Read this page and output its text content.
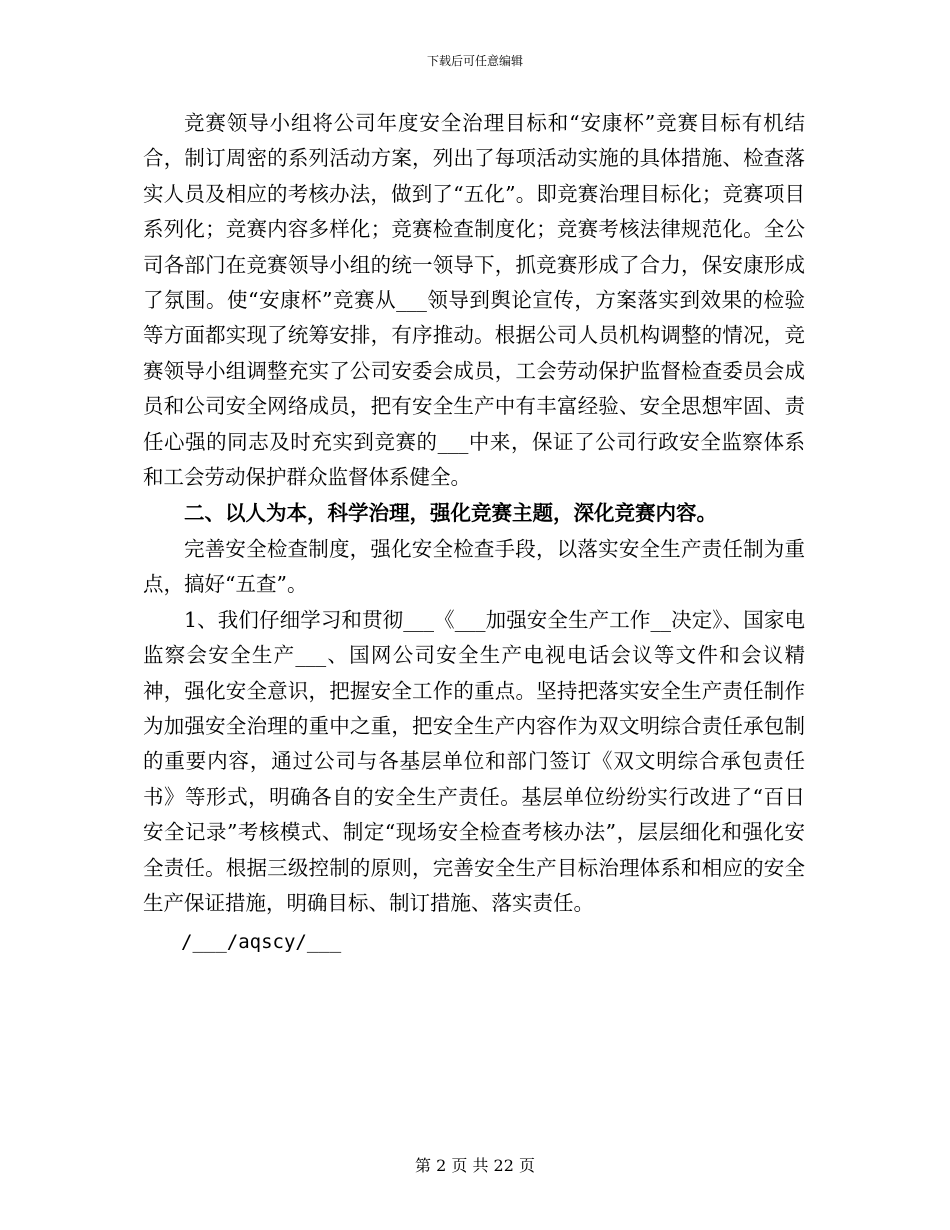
下载后可任意编辑

竞赛领导小组将公司年度安全治理目标和“安康杯”竞赛目标有机结合，制订周密的系列活动方案，列出了每项活动实施的具体措施、检查落实人员及相应的考核办法，做到了“五化”。即竞赛治理目标化；竞赛项目系列化；竞赛内容多样化；竞赛检查制度化；竞赛考核法律规范化。全公司各部门在竞赛领导小组的统一领导下，抓竞赛形成了合力，保安康形成了氛围。使“安康杯”竞赛从___领导到舆论宣传，方案落实到效果的检验等方面都实现了统筹安排，有序推动。根据公司人员机构调整的情况，竞赛领导小组调整充实了公司安委会成员，工会劳动保护监督检查委员会成员和公司安全网络成员，把有安全生产中有丰富经验、安全思想牢固、责任心强的同志及时充实到竞赛的___中来，保证了公司行政安全监察体系和工会劳动保护群众监督体系健全。

二、以人为本，科学治理，强化竞赛主题，深化竞赛内容。

完善安全检查制度，强化安全检查手段，以落实安全生产责任制为重点，搞好“五查”。

1、我们仔细学习和贯彻___《___加强安全生产工作__决定》、国家电监察会安全生产___、国网公司安全生产电视电话会议等文件和会议精神，强化安全意识，把握安全工作的重点。坚持把落实安全生产责任制作为加强安全治理的重中之重，把安全生产内容作为双文明综合责任承包制的重要内容，通过公司与各基层单位和部门签订《双文明综合承包责任书》等形式，明确各自的安全生产责任。基层单位纷纷实行改进了“百日安全记录”考核模式、制定“现场安全检查考核办法”，层层细化和强化安全责任。根据三级控制的原则，完善安全生产目标治理体系和相应的安全生产保证措施，明确目标、制订措施、落实责任。

/___/aqscy/___

第 2 页 共 22 页
